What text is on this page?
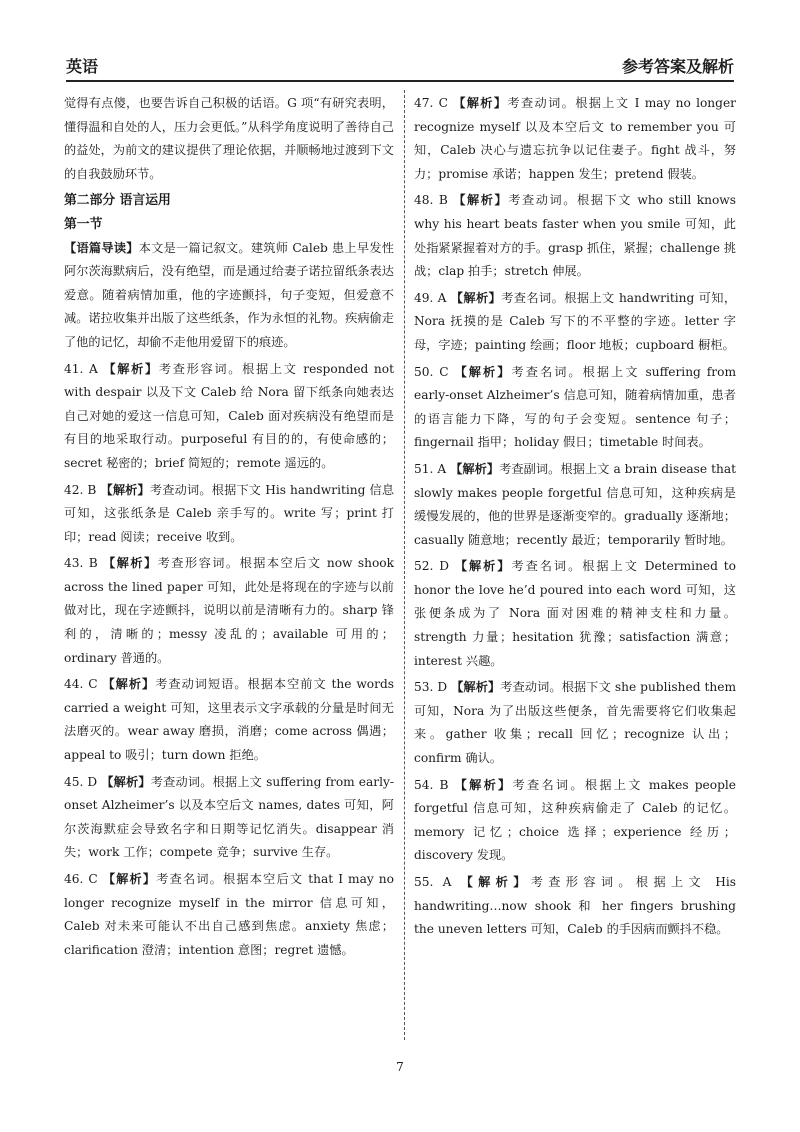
英语	参考答案及解析

觉得有点傻，也要告诉自己积极的话语。G 项“有研究表明，懂得温和自处的人，压力会更低。”从科学角度说明了善待自己的益处，为前文的建议提供了理论依据，并顺畅地过渡到下文的自我鼓励环节。

第二部分 语言运用
第一节

【语篇导读】本文是一篇记叙文。建筑师 Caleb 患上早发性阿尔茨海默病后，没有绝望，而是通过给妻子诺拉留纸条表达爱意。随着病情加重，他的字迹颤抖，句子变短，但爱意不减。诺拉收集并出版了这些纸条，作为永恒的礼物。疾病偷走了他的记忆，却偷不走他用爱留下的痕迹。

41. A 【解析】考查形容词。根据上文 responded not with despair 以及下文 Caleb 给 Nora 留下纸条向她表达自己对她的爱这一信息可知，Caleb 面对疾病没有绝望而是有目的地采取行动。purposeful 有目的的，有使命感的；secret 秘密的；brief 简短的；remote 遥远的。

42. B 【解析】考查动词。根据下文 His handwriting 信息可知，这张纸条是 Caleb 亲手写的。write 写；print 打印；read 阅读；receive 收到。

43. B 【解析】考查形容词。根据本空后文 now shook across the lined paper 可知，此处是将现在的字迹与以前做对比，现在字迹颤抖，说明以前是清晰有力的。sharp 锋利的，清晰的；messy 凌乱的；available 可用的；ordinary 普通的。

44. C 【解析】考查动词短语。根据本空前文 the words carried a weight 可知，这里表示文字承载的分量是时间无法磨灭的。wear away 磨损，消磨；come across 偶遇；appeal to 吸引；turn down 拒绝。

45. D 【解析】考查动词。根据上文 suffering from early-onset Alzheimer’s 以及本空后文 names, dates 可知，阿尔茨海默症会导致名字和日期等记忆消失。disappear 消失；work 工作；compete 竞争；survive 生存。

46. C 【解析】考查名词。根据本空后文 that I may no longer recognize myself in the mirror 信息可知，Caleb 对未来可能认不出自己感到焦虑。anxiety 焦虑；clarification 澄清；intention 意图；regret 遗憾。

47. C 【解析】考查动词。根据上文 I may no longer recognize myself 以及本空后文 to remember you 可知，Caleb 决心与遗忘抗争以记住妻子。fight 战斗，努力；promise 承诺；happen 发生；pretend 假装。

48. B 【解析】考查动词。根据下文 who still knows why his heart beats faster when you smile 可知，此处指紧紧握着对方的手。grasp 抓住，紧握；challenge 挑战；clap 拍手；stretch 伸展。

49. A 【解析】考查名词。根据上文 handwriting 可知，Nora 抚摸的是 Caleb 写下的不平整的字迹。letter 字母，字迹；painting 绘画；floor 地板；cupboard 橱柜。

50. C 【解析】考查名词。根据上文 suffering from early-onset Alzheimer’s 信息可知，随着病情加重，患者的语言能力下降，写的句子会变短。sentence 句子；fingernail 指甲；holiday 假日；timetable 时间表。

51. A 【解析】考查副词。根据上文 a brain disease that slowly makes people forgetful 信息可知，这种疾病是缓慢发展的，他的世界是逐渐变窄的。gradually 逐渐地；casually 随意地；recently 最近；temporarily 暂时地。

52. D 【解析】考查名词。根据上文 Determined to honor the love he’d poured into each word 可知，这张便条成为了 Nora 面对困难的精神支柱和力量。strength 力量；hesitation 犹豫；satisfaction 满意；interest 兴趣。

53. D 【解析】考查动词。根据下文 she published them 可知，Nora 为了出版这些便条，首先需要将它们收集起来。gather 收集；recall 回忆；recognize 认出；confirm 确认。

54. B 【解析】考查名词。根据上文 makes people forgetful 信息可知，这种疾病偷走了 Caleb 的记忆。memory 记忆；choice 选择；experience 经历；discovery 发现。

55. A 【解析】考查形容词。根据上文 His handwriting…now shook 和 her fingers brushing the uneven letters 可知，Caleb 的手因病而颤抖不稳。

7
